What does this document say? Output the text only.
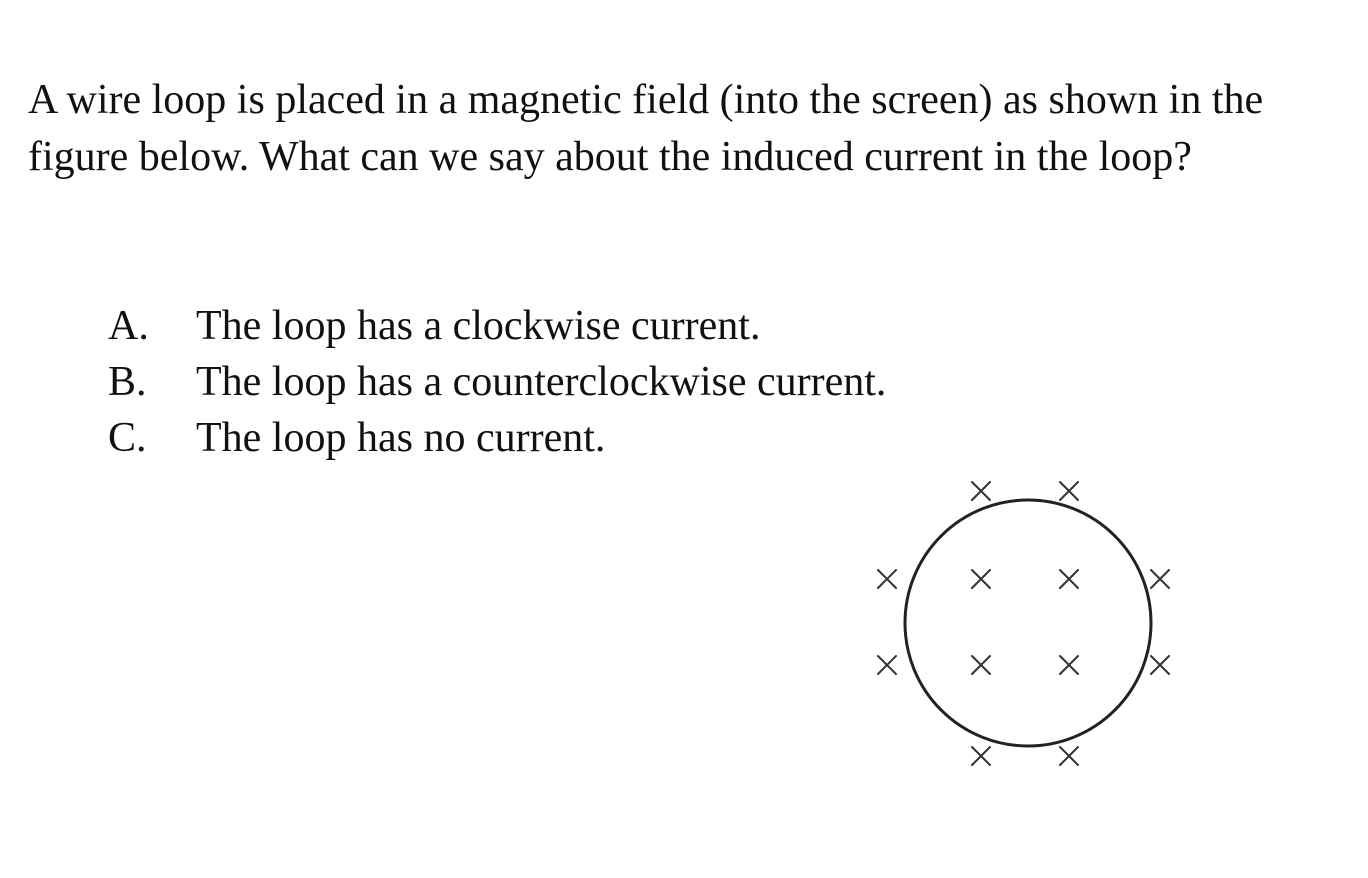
A wire loop is placed in a magnetic field (into the screen) as shown in the figure below. What can we say about the induced current in the loop?

A.	The loop has a clockwise current.
B.	The loop has a counterclockwise current.
C.	The loop has no current.
